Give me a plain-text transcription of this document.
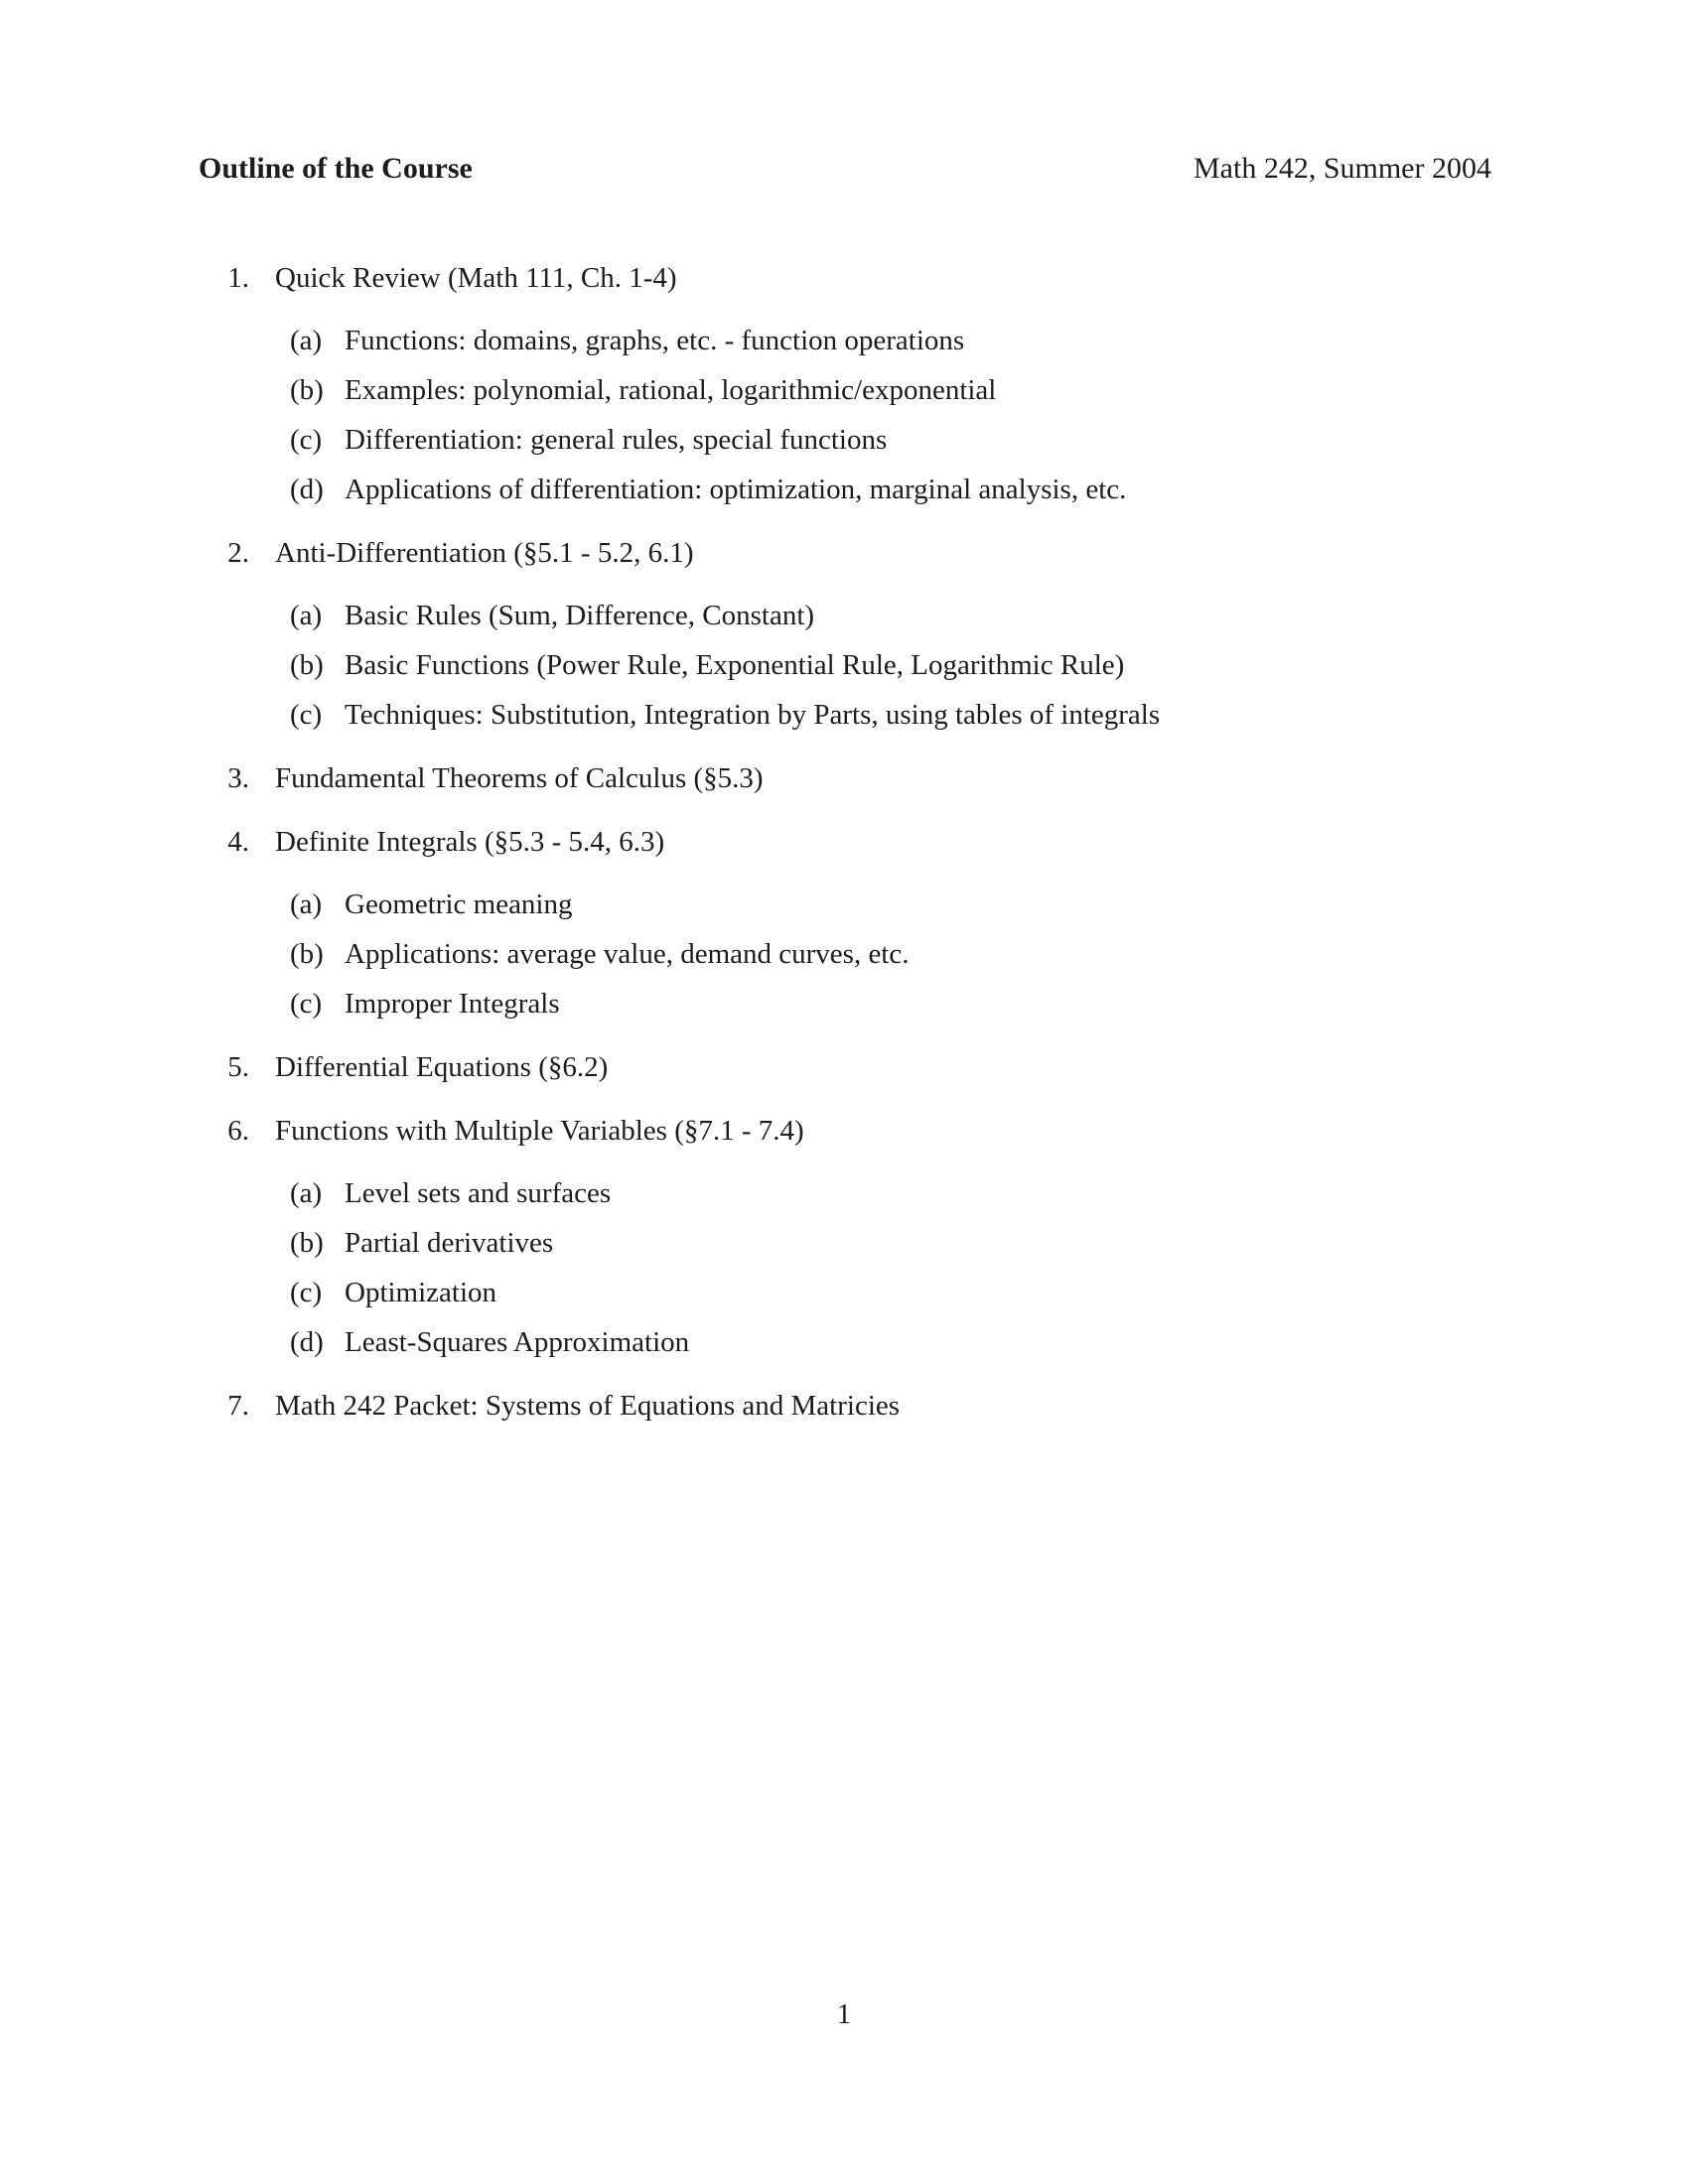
Outline of the Course	Math 242, Summer 2004
1. Quick Review (Math 111, Ch. 1-4)
(a) Functions: domains, graphs, etc. - function operations
(b) Examples: polynomial, rational, logarithmic/exponential
(c) Differentiation: general rules, special functions
(d) Applications of differentiation: optimization, marginal analysis, etc.
2. Anti-Differentiation (§5.1 - 5.2, 6.1)
(a) Basic Rules (Sum, Difference, Constant)
(b) Basic Functions (Power Rule, Exponential Rule, Logarithmic Rule)
(c) Techniques: Substitution, Integration by Parts, using tables of integrals
3. Fundamental Theorems of Calculus (§5.3)
4. Definite Integrals (§5.3 - 5.4, 6.3)
(a) Geometric meaning
(b) Applications: average value, demand curves, etc.
(c) Improper Integrals
5. Differential Equations (§6.2)
6. Functions with Multiple Variables (§7.1 - 7.4)
(a) Level sets and surfaces
(b) Partial derivatives
(c) Optimization
(d) Least-Squares Approximation
7. Math 242 Packet: Systems of Equations and Matricies
1
